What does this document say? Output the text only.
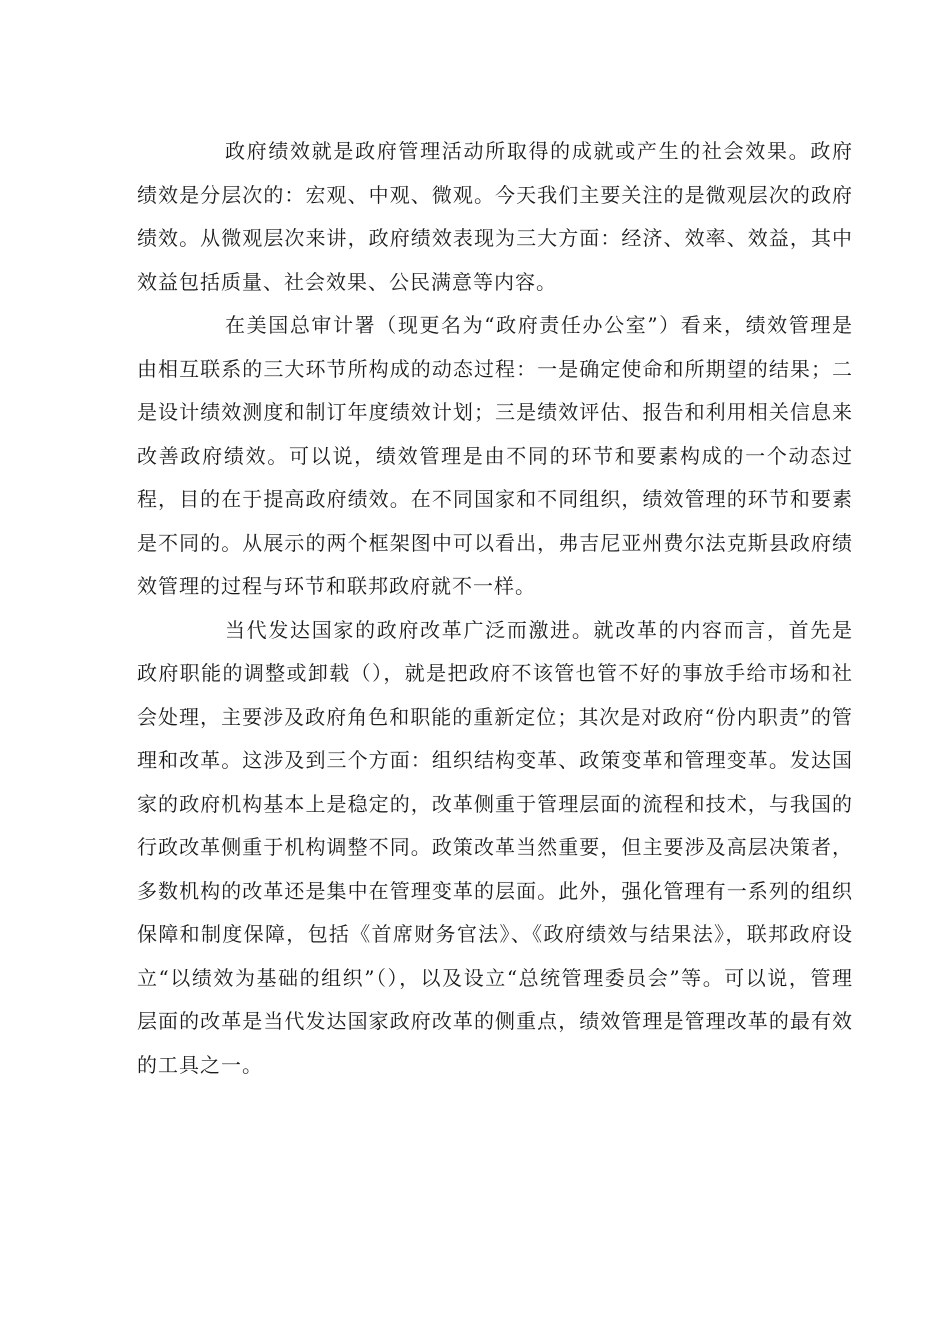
政府绩效就是政府管理活动所取得的成就或产生的社会效果。政府绩效是分层次的：宏观、中观、微观。今天我们主要关注的是微观层次的政府绩效。从微观层次来讲，政府绩效表现为三大方面：经济、效率、效益，其中效益包括质量、社会效果、公民满意等内容。

在美国总审计署（现更名为“政府责任办公室”）看来，绩效管理是由相互联系的三大环节所构成的动态过程：一是确定使命和所期望的结果；二是设计绩效测度和制订年度绩效计划；三是绩效评估、报告和利用相关信息来改善政府绩效。可以说，绩效管理是由不同的环节和要素构成的一个动态过程，目的在于提高政府绩效。在不同国家和不同组织，绩效管理的环节和要素是不同的。从展示的两个框架图中可以看出，弗吉尼亚州费尔法克斯县政府绩效管理的过程与环节和联邦政府就不一样。

当代发达国家的政府改革广泛而激进。就改革的内容而言，首先是政府职能的调整或卸载（），就是把政府不该管也管不好的事放手给市场和社会处理，主要涉及政府角色和职能的重新定位；其次是对政府“份内职责”的管理和改革。这涉及到三个方面：组织结构变革、政策变革和管理变革。发达国家的政府机构基本上是稳定的，改革侧重于管理层面的流程和技术，与我国的行政改革侧重于机构调整不同。政策改革当然重要，但主要涉及高层决策者，多数机构的改革还是集中在管理变革的层面。此外，强化管理有一系列的组织保障和制度保障，包括《首席财务官法》、《政府绩效与结果法》，联邦政府设立“以绩效为基础的组织”（），以及设立“总统管理委员会”等。可以说，管理层面的改革是当代发达国家政府改革的侧重点，绩效管理是管理改革的最有效的工具之一。
